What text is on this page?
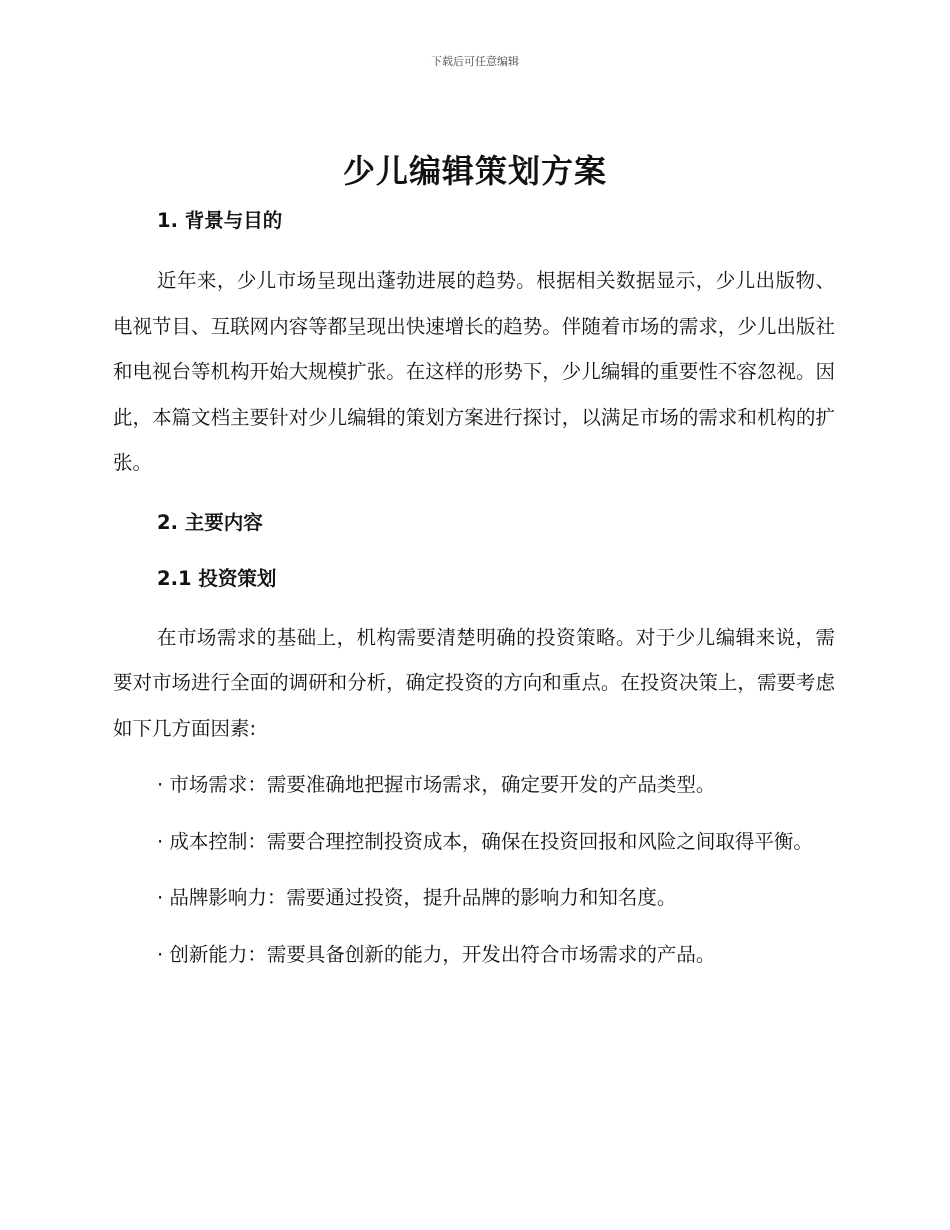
下载后可任意编辑
少儿编辑策划方案

1. 背景与目的

近年来，少儿市场呈现出蓬勃进展的趋势。根据相关数据显示，少儿出版物、电视节目、互联网内容等都呈现出快速增长的趋势。伴随着市场的需求，少儿出版社和电视台等机构开始大规模扩张。在这样的形势下，少儿编辑的重要性不容忽视。因此，本篇文档主要针对少儿编辑的策划方案进行探讨，以满足市场的需求和机构的扩张。

2. 主要内容

2.1 投资策划

在市场需求的基础上，机构需要清楚明确的投资策略。对于少儿编辑来说，需要对市场进行全面的调研和分析，确定投资的方向和重点。在投资决策上，需要考虑如下几方面因素:

· 市场需求：需要准确地把握市场需求，确定要开发的产品类型。

· 成本控制：需要合理控制投资成本，确保在投资回报和风险之间取得平衡。

· 品牌影响力：需要通过投资，提升品牌的影响力和知名度。

· 创新能力：需要具备创新的能力，开发出符合市场需求的产品。
